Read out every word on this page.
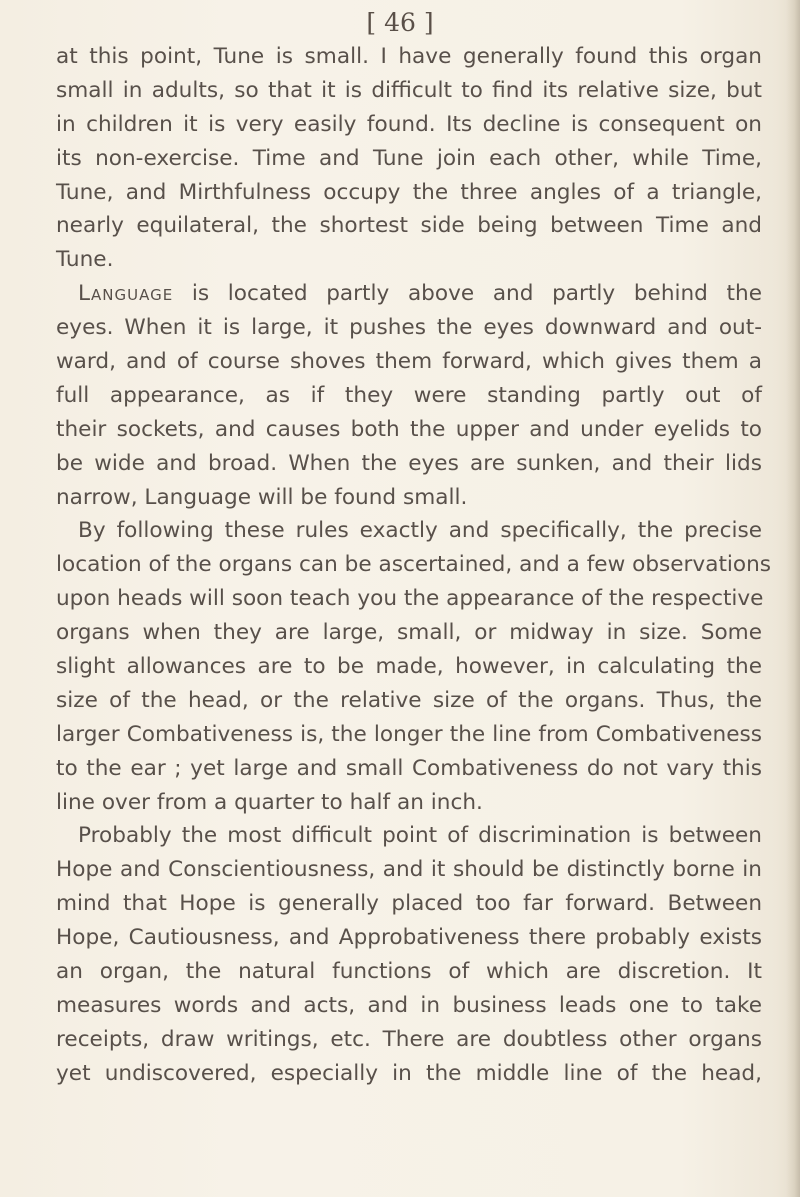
[ 46 ]
at this point, Tune is small. I have generally found this organ
small in adults, so that it is difficult to find its relative size, but
in children it is very easily found. Its decline is consequent on
its non-exercise. Time and Tune join each other, while Time,
Tune, and Mirthfulness occupy the three angles of a triangle,
nearly equilateral, the shortest side being between Time and
Tune.
Language is located partly above and partly behind the
eyes. When it is large, it pushes the eyes downward and out-
ward, and of course shoves them forward, which gives them a
full appearance, as if they were standing partly out of
their sockets, and causes both the upper and under eyelids to
be wide and broad. When the eyes are sunken, and their lids
narrow, Language will be found small.
By following these rules exactly and specifically, the precise
location of the organs can be ascertained, and a few observations
upon heads will soon teach you the appearance of the respective
organs when they are large, small, or midway in size. Some
slight allowances are to be made, however, in calculating the
size of the head, or the relative size of the organs. Thus, the
larger Combativeness is, the longer the line from Combativeness
to the ear ; yet large and small Combativeness do not vary this
line over from a quarter to half an inch.
Probably the most difficult point of discrimination is between
Hope and Conscientiousness, and it should be distinctly borne in
mind that Hope is generally placed too far forward. Between
Hope, Cautiousness, and Approbativeness there probably exists
an organ, the natural functions of which are discretion. It
measures words and acts, and in business leads one to take
receipts, draw writings, etc. There are doubtless other organs
yet undiscovered, especially in the middle line of the head,
